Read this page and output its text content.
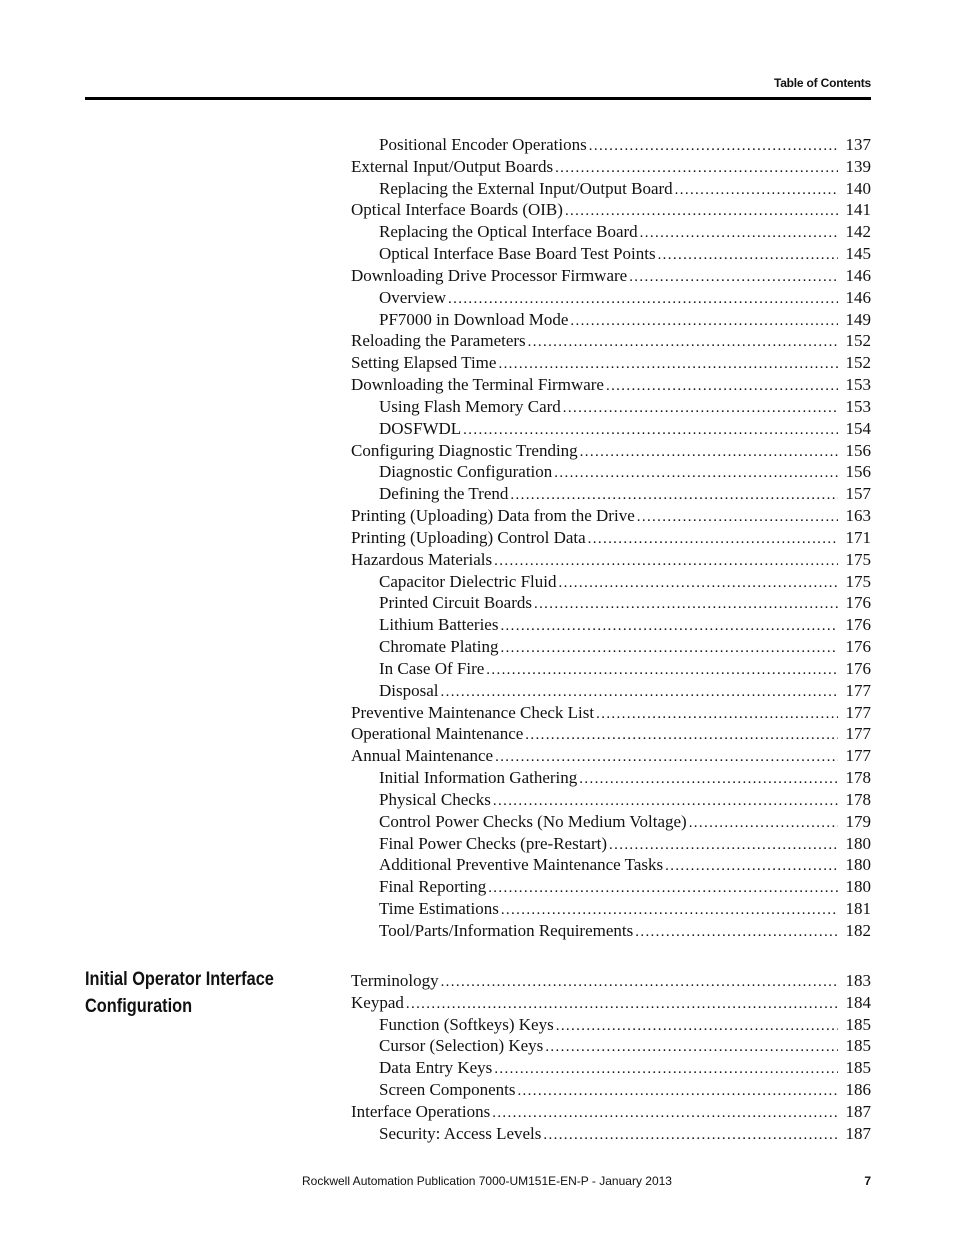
Table of Contents
Positional Encoder Operations . . .	137
External Input/Output Boards . . .	139
Replacing the External Input/Output Board . . .	140
Optical Interface Boards (OIB) . . .	141
Replacing the Optical Interface Board . . .	142
Optical Interface Base Board Test Points . . .	145
Downloading Drive Processor Firmware . . .	146
Overview . . .	146
PF7000 in Download Mode . . .	149
Reloading the Parameters . . .	152
Setting Elapsed Time . . .	152
Downloading the Terminal Firmware . . .	153
Using Flash Memory Card . . .	153
DOSFWDL . . .	154
Configuring Diagnostic Trending . . .	156
Diagnostic Configuration . . .	156
Defining the Trend . . .	157
Printing (Uploading) Data from the Drive . . .	163
Printing (Uploading) Control Data . . .	171
Hazardous Materials . . .	175
Capacitor Dielectric Fluid . . .	175
Printed Circuit Boards . . .	176
Lithium Batteries . . .	176
Chromate Plating . . .	176
In Case Of Fire . . .	176
Disposal . . .	177
Preventive Maintenance Check List . . .	177
Operational Maintenance . . .	177
Annual Maintenance . . .	177
Initial Information Gathering . . .	178
Physical Checks . . .	178
Control Power Checks (No Medium Voltage) . . .	179
Final Power Checks (pre-Restart) . . .	180
Additional Preventive Maintenance Tasks . . .	180
Final Reporting . . .	180
Time Estimations . . .	181
Tool/Parts/Information Requirements . . .	182
Initial Operator Interface Configuration
Terminology . . .	183
Keypad . . .	184
Function (Softkeys) Keys . . .	185
Cursor (Selection) Keys . . .	185
Data Entry Keys . . .	185
Screen Components . . .	186
Interface Operations . . .	187
Security: Access Levels . . .	187
Rockwell Automation Publication 7000-UM151E-EN-P - January 2013	7
